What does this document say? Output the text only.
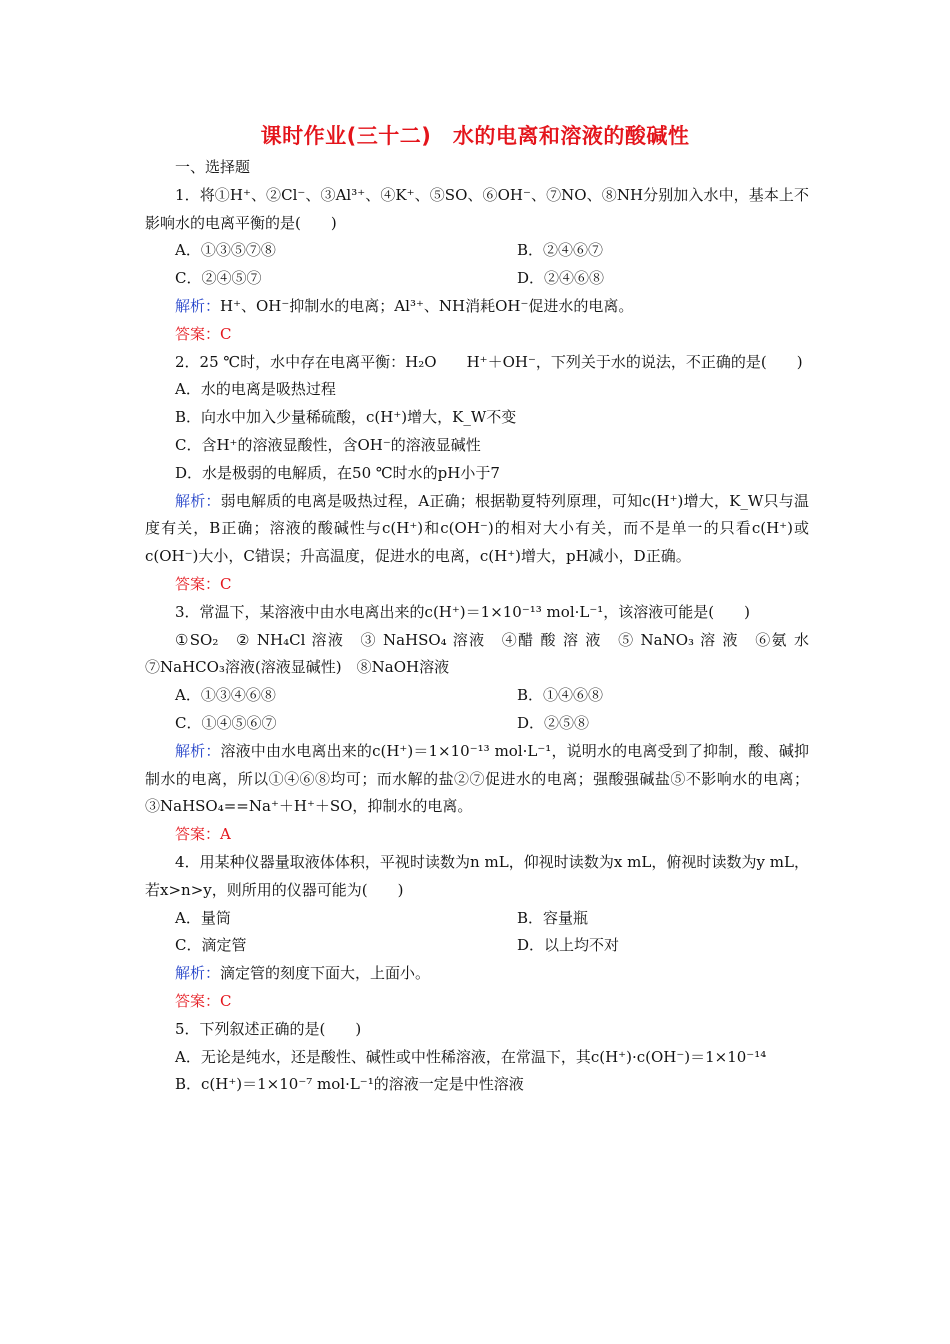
课时作业(三十二)　水的电离和溶液的酸碱性
一、选择题
1．将①H⁺、②Cl⁻、③Al³⁺、④K⁺、⑤SO、⑥OH⁻、⑦NO、⑧NH分别加入水中，基本上不影响水的电离平衡的是(　　)
A．①③⑤⑦⑧	B．②④⑥⑦
C．②④⑤⑦	D．②④⑥⑧
解析：H⁺、OH⁻抑制水的电离；Al³⁺、NH消耗OH⁻促进水的电离。
答案：C
2．25 ℃时，水中存在电离平衡：H₂O　　H⁺＋OH⁻，下列关于水的说法，不正确的是(　　)
A．水的电离是吸热过程
B．向水中加入少量稀硫酸，c(H⁺)增大，K_W不变
C．含H⁺的溶液显酸性，含OH⁻的溶液显碱性
D．水是极弱的电解质，在50 ℃时水的pH小于7
解析：弱电解质的电离是吸热过程，A正确；根据勒夏特列原理，可知c(H⁺)增大，K_W只与温度有关，B正确；溶液的酸碱性与c(H⁺)和c(OH⁻)的相对大小有关，而不是单一的只看c(H⁺)或c(OH⁻)大小，C错误；升高温度，促进水的电离，c(H⁺)增大，pH减小，D正确。
答案：C
3．常温下，某溶液中由水电离出来的c(H⁺)＝1×10⁻¹³ mol·L⁻¹，该溶液可能是(　　)
①SO₂　② NH₄Cl 溶液　③ NaHSO₄ 溶液　④醋 酸 溶 液　⑤ NaNO₃ 溶 液　⑥氨 水　⑦NaHCO₃溶液(溶液显碱性)　⑧NaOH溶液
A．①③④⑥⑧	B．①④⑥⑧
C．①④⑤⑥⑦	D．②⑤⑧
解析：溶液中由水电离出来的c(H⁺)＝1×10⁻¹³ mol·L⁻¹，说明水的电离受到了抑制，酸、碱抑制水的电离，所以①④⑥⑧均可；而水解的盐②⑦促进水的电离；强酸强碱盐⑤不影响水的电离；③NaHSO₄==Na⁺＋H⁺＋SO，抑制水的电离。
答案：A
4．用某种仪器量取液体体积，平视时读数为n mL，仰视时读数为x mL，俯视时读数为y mL，若x>n>y，则所用的仪器可能为(　　)
A．量筒	B．容量瓶
C．滴定管	D．以上均不对
解析：滴定管的刻度下面大，上面小。
答案：C
5．下列叙述正确的是(　　)
A．无论是纯水，还是酸性、碱性或中性稀溶液，在常温下，其c(H⁺)·c(OH⁻)＝1×10⁻¹⁴
B．c(H⁺)＝1×10⁻⁷ mol·L⁻¹的溶液一定是中性溶液
